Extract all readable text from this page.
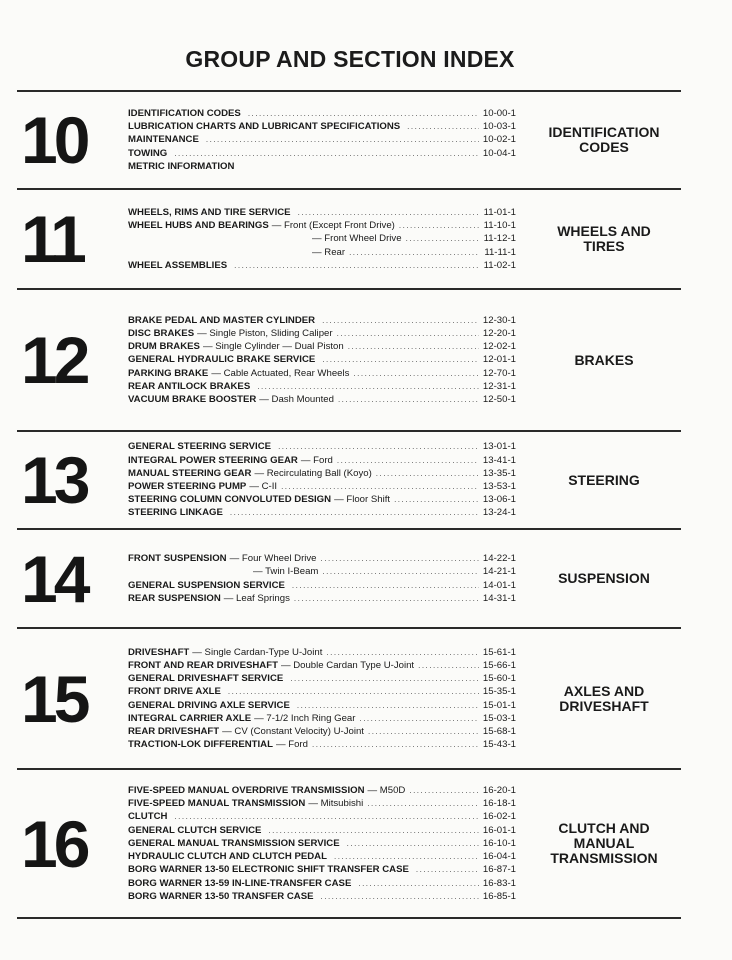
GROUP AND SECTION INDEX
10	IDENTIFICATION CODES .....	10-00-1
LUBRICATION CHARTS AND LUBRICANT SPECIFICATIONS .....	10-03-1
MAINTENANCE .....	10-02-1
TOWING .....	10-04-1
METRIC INFORMATION
IDENTIFICATION
CODES
11	WHEELS, RIMS AND TIRE SERVICE .....	11-01-1
WHEEL HUBS AND BEARINGS — Front (Except Front Drive) .....	11-10-1
— Front Wheel Drive .....	11-12-1
— Rear .....	11-11-1
WHEEL ASSEMBLIES .....	11-02-1
WHEELS AND
TIRES
12
BRAKE PEDAL AND MASTER CYLINDER .....	12-30-1
DISC BRAKES — Single Piston, Sliding Caliper .....	12-20-1
DRUM BRAKES — Single Cylinder — Dual Piston .....	12-02-1
GENERAL HYDRAULIC BRAKE SERVICE .....	12-01-1
PARKING BRAKE — Cable Actuated, Rear Wheels .....	12-70-1
REAR ANTILOCK BRAKES .....	12-31-1
VACUUM BRAKE BOOSTER — Dash Mounted .....	12-50-1
BRAKES
13	GENERAL STEERING SERVICE .....	13-01-1
INTEGRAL POWER STEERING GEAR — Ford .....	13-41-1
MANUAL STEERING GEAR — Recirculating Ball (Koyo) .....	13-35-1
POWER STEERING PUMP — C-II .....	13-53-1
STEERING COLUMN CONVOLUTED DESIGN — Floor Shift .....	13-06-1
STEERING LINKAGE .....	13-24-1
STEERING
14	FRONT SUSPENSION — Four Wheel Drive .....	14-22-1
— Twin I-Beam .....	14-21-1
GENERAL SUSPENSION SERVICE .....	14-01-1
REAR SUSPENSION — Leaf Springs .....	14-31-1
SUSPENSION
15
DRIVESHAFT — Single Cardan-Type U-Joint .....	15-61-1
FRONT AND REAR DRIVESHAFT — Double Cardan Type U-Joint .....	15-66-1
GENERAL DRIVESHAFT SERVICE .....	15-60-1
FRONT DRIVE AXLE .....	15-35-1
GENERAL DRIVING AXLE SERVICE .....	15-01-1
INTEGRAL CARRIER AXLE — 7-1/2 Inch Ring Gear .....	15-03-1
REAR DRIVESHAFT — CV (Constant Velocity) U-Joint .....	15-68-1
TRACTION-LOK DIFFERENTIAL — Ford .....	15-43-1
AXLES AND
DRIVESHAFT
16
FIVE-SPEED MANUAL OVERDRIVE TRANSMISSION — M50D .....	16-20-1
FIVE-SPEED MANUAL TRANSMISSION — Mitsubishi .....	16-18-1
CLUTCH .....	16-02-1
GENERAL CLUTCH SERVICE .....	16-01-1
GENERAL MANUAL TRANSMISSION SERVICE .....	16-10-1
HYDRAULIC CLUTCH AND CLUTCH PEDAL .....	16-04-1
BORG WARNER 13-50 ELECTRONIC SHIFT TRANSFER CASE .....	16-87-1
BORG WARNER 13-59 IN-LINE-TRANSFER CASE .....	16-83-1
BORG WARNER 13-50 TRANSFER CASE .....	16-85-1
CLUTCH AND
MANUAL
TRANSMISSION
